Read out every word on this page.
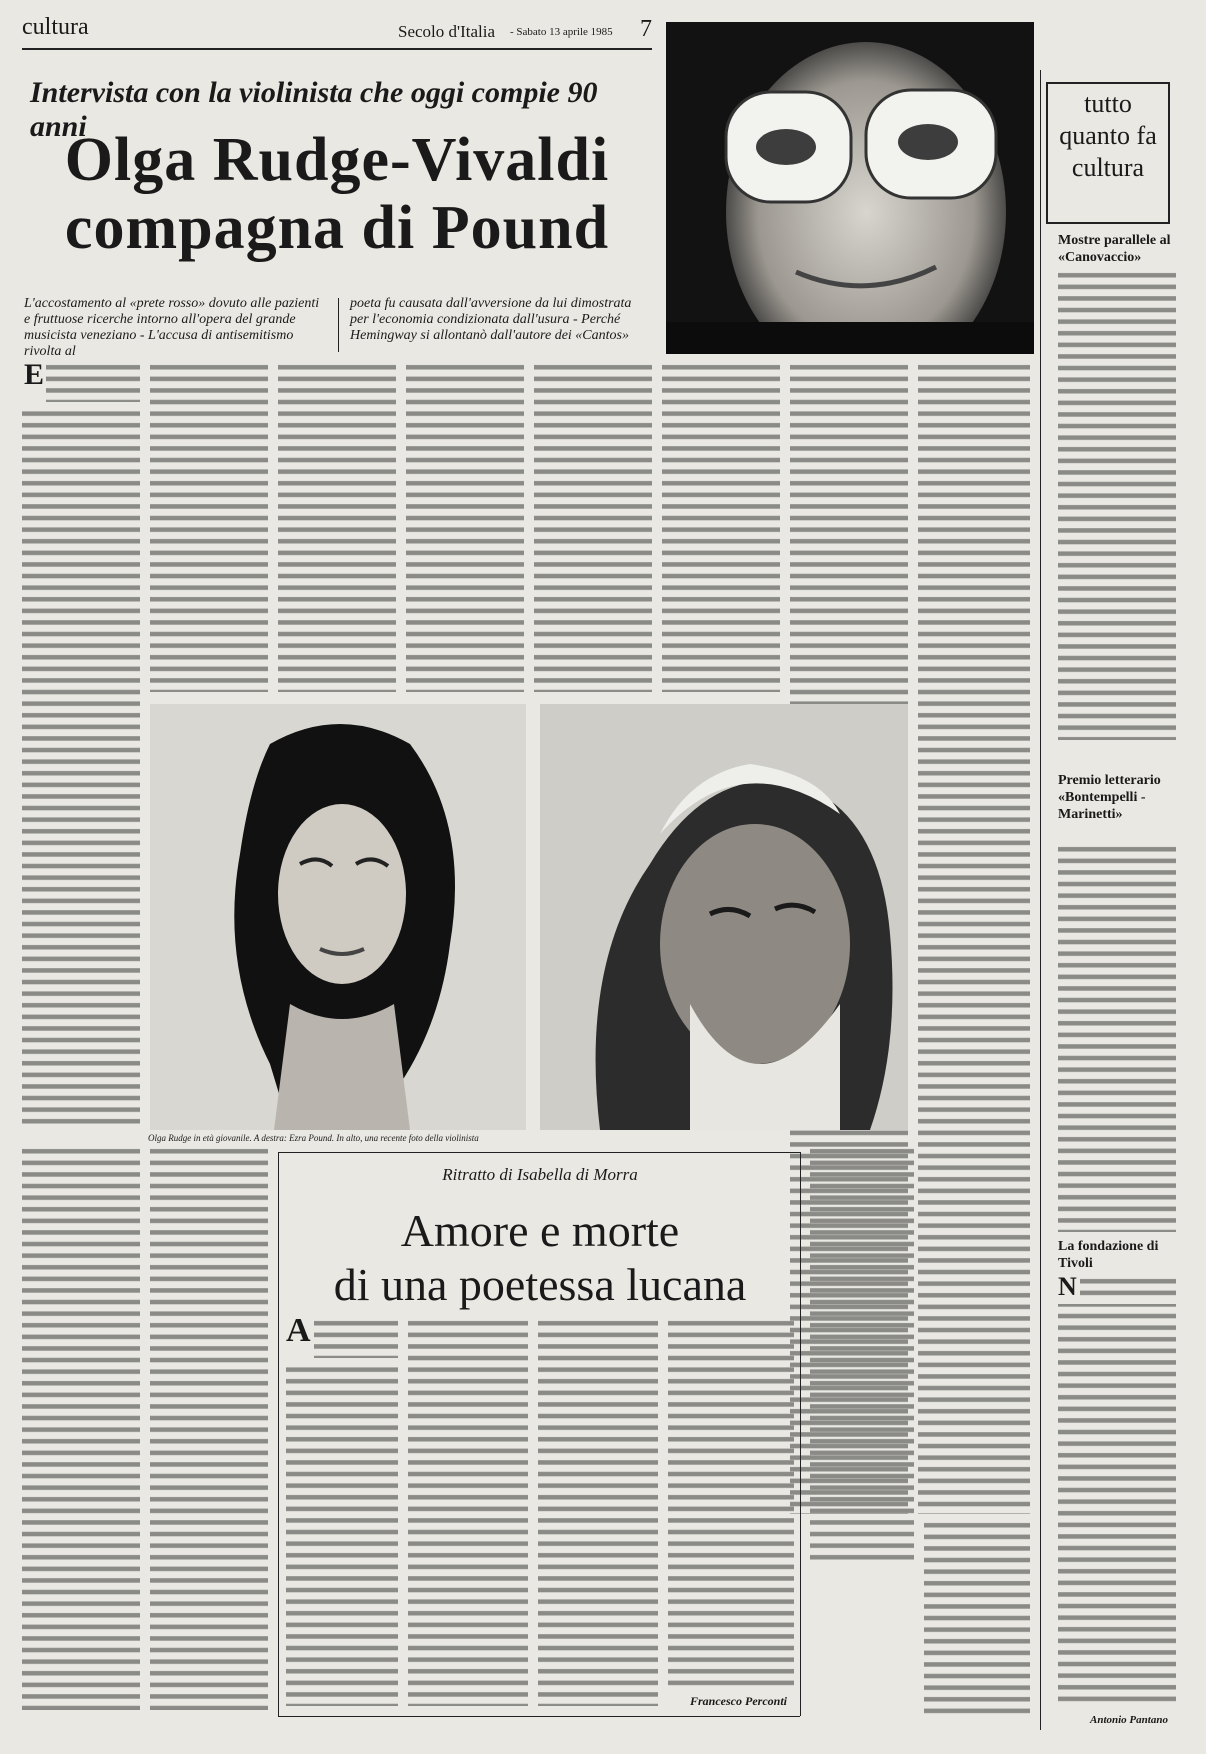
cultura	Secolo d'Italia - Sabato 13 aprile 1985 7
Intervista con la violinista che oggi compie 90 anni
Olga Rudge-Vivaldi
compagna di Pound
L'accostamento al «prete rosso» dovuto alle pazienti e fruttuose ricerche intorno all'opera del grande musicista veneziano - L'accusa di antisemitismo rivolta al
poeta fu causata dall'avversione da lui dimostrata per l'economia condizionata dall'usura - Perché Hemingway si allontanò dall'autore dei «Cantos»
E
Olga Rudge in età giovanile. A destra: Ezra Pound. In alto, una recente foto della violinista
Ritratto di Isabella di Morra
Amore e morte
di una poetessa lucana
A
Francesco Perconti
tutto quanto fa cultura
Mostre parallele al «Canovaccio»
Premio letterario «Bontempelli - Marinetti»
La fondazione di Tivoli
N
Antonio Pantano
